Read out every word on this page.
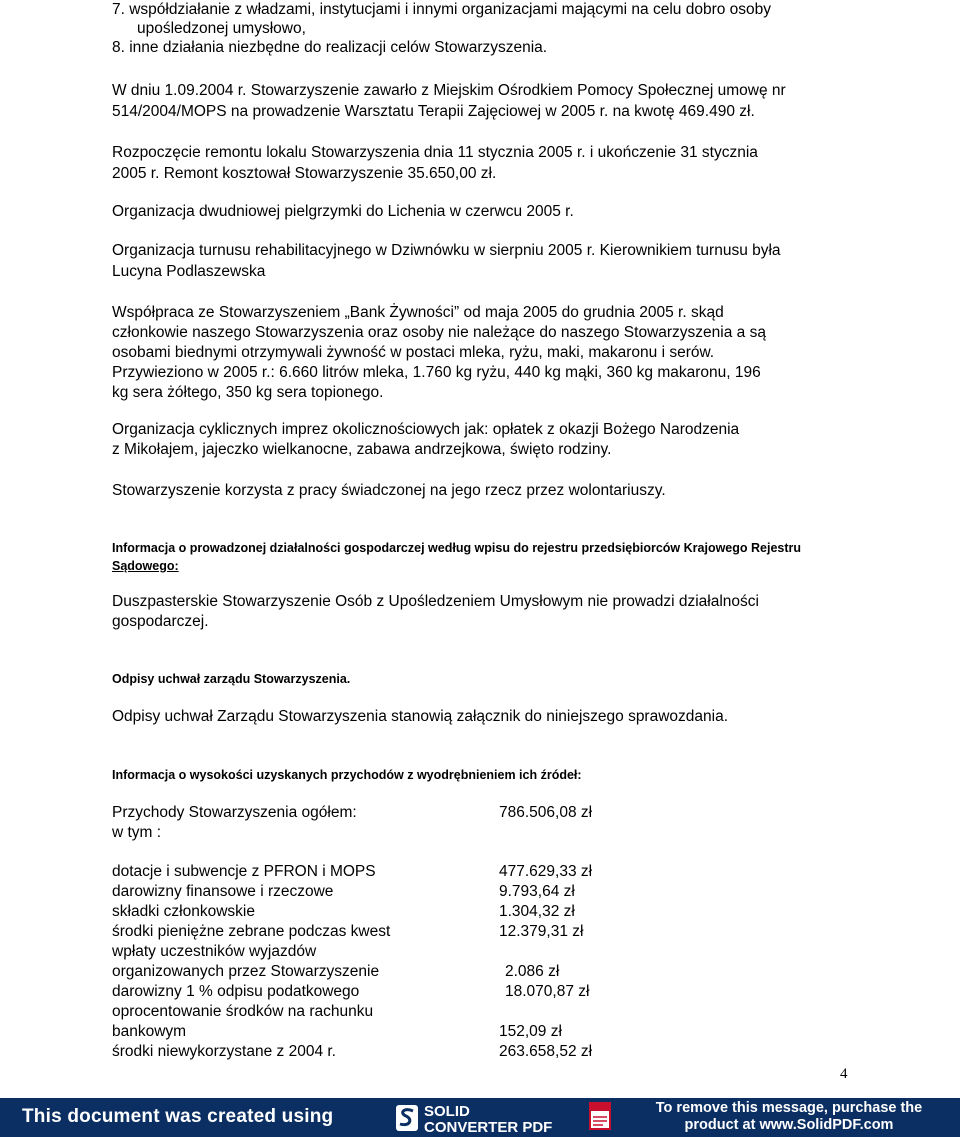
7. współdziałanie z władzami, instytucjami i innymi organizacjami mającymi na celu dobro osoby
upośledzonej umysłowo,
8. inne działania niezbędne do realizacji celów Stowarzyszenia.
W dniu 1.09.2004 r. Stowarzyszenie zawarło z Miejskim Ośrodkiem Pomocy Społecznej umowę nr
514/2004/MOPS na prowadzenie Warsztatu Terapii Zajęciowej w 2005 r. na kwotę 469.490 zł.
Rozpoczęcie remontu lokalu Stowarzyszenia dnia 11 stycznia 2005 r. i ukończenie 31 stycznia
2005 r. Remont kosztował Stowarzyszenie 35.650,00 zł.
Organizacja dwudniowej pielgrzymki do Lichenia w czerwcu 2005 r.
Organizacja turnusu rehabilitacyjnego w Dziwnówku w sierpniu 2005 r. Kierownikiem turnusu była
Lucyna Podlaszewska
Współpraca ze Stowarzyszeniem „Bank Żywności” od maja 2005 do grudnia 2005 r. skąd
członkowie naszego Stowarzyszenia oraz osoby nie należące do naszego Stowarzyszenia a są
osobami biednymi otrzymywali żywność w postaci mleka, ryżu, maki, makaronu i serów.
Przywieziono w 2005 r.: 6.660 litrów mleka, 1.760 kg ryżu, 440 kg mąki, 360 kg makaronu, 196
kg sera żółtego, 350 kg sera topionego.
Organizacja cyklicznych imprez okolicznościowych jak: opłatek z okazji Bożego Narodzenia
z Mikołajem, jajeczko wielkanocne, zabawa andrzejkowa, święto rodziny.
Stowarzyszenie korzysta z pracy świadczonej na jego rzecz przez wolontariuszy.
Informacja o prowadzonej działalności gospodarczej według wpisu do rejestru przedsiębiorców Krajowego Rejestru
Sądowego:
Duszpasterskie Stowarzyszenie Osób z Upośledzeniem Umysłowym nie prowadzi działalności
gospodarczej.
Odpisy uchwał zarządu Stowarzyszenia.
Odpisy uchwał Zarządu Stowarzyszenia stanowią załącznik do niniejszego sprawozdania.
Informacja o wysokości uzyskanych przychodów z wyodrębnieniem ich źródeł:
Przychody Stowarzyszenia ogółem:	786.506,08 zł
w tym :
dotacje i subwencje z PFRON i MOPS	477.629,33 zł
darowizny finansowe i rzeczowe	9.793,64 zł
składki członkowskie	1.304,32 zł
środki pieniężne zebrane podczas kwest	12.379,31 zł
wpłaty uczestników wyjazdów
organizowanych przez Stowarzyszenie	2.086 zł
darowizny 1 % odpisu podatkowego	18.070,87 zł
oprocentowanie środków na rachunku
bankowym	152,09 zł
środki niewykorzystane z 2004 r.	263.658,52 zł
4
This document was created using	SOLID
CONVERTER PDF
To remove this message, purchase the
product at www.SolidPDF.com
